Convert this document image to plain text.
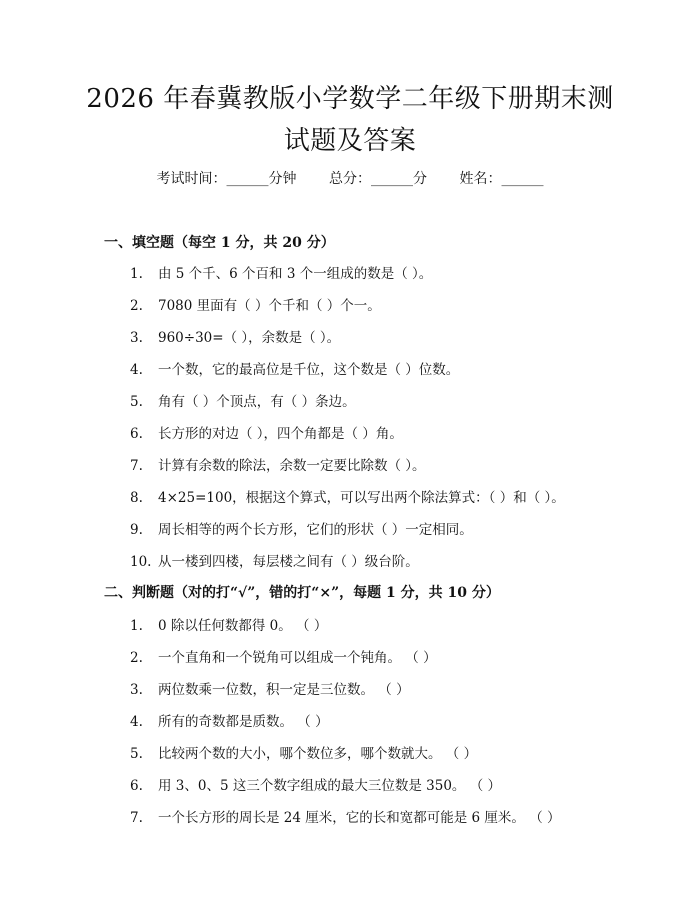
2026 年春冀教版小学数学二年级下册期末测
试题及答案
考试时间：______分钟 总分：______分 姓名：______
一、填空题（每空 1 分，共 20 分）
1. 由 5 个千、6 个百和 3 个一组成的数是（ ）。
2. 7080 里面有（ ）个千和（ ）个一。
3. 960÷30=（ ），余数是（ ）。
4. 一个数，它的最高位是千位，这个数是（ ）位数。
5. 角有（ ）个顶点，有（ ）条边。
6. 长方形的对边（ ），四个角都是（ ）角。
7. 计算有余数的除法，余数一定要比除数（ ）。
8. 4×25=100，根据这个算式，可以写出两个除法算式：（ ）和（ ）。
9. 周长相等的两个长方形，它们的形状（ ）一定相同。
10. 从一楼到四楼，每层楼之间有（ ）级台阶。
二、判断题（对的打“√”，错的打“×”，每题 1 分，共 10 分）
1. 0 除以任何数都得 0。 （ ）
2. 一个直角和一个锐角可以组成一个钝角。 （ ）
3. 两位数乘一位数，积一定是三位数。 （ ）
4. 所有的奇数都是质数。 （ ）
5. 比较两个数的大小，哪个数位多，哪个数就大。 （ ）
6. 用 3、0、5 这三个数字组成的最大三位数是 350。 （ ）
7. 一个长方形的周长是 24 厘米，它的长和宽都可能是 6 厘米。 （ ）
